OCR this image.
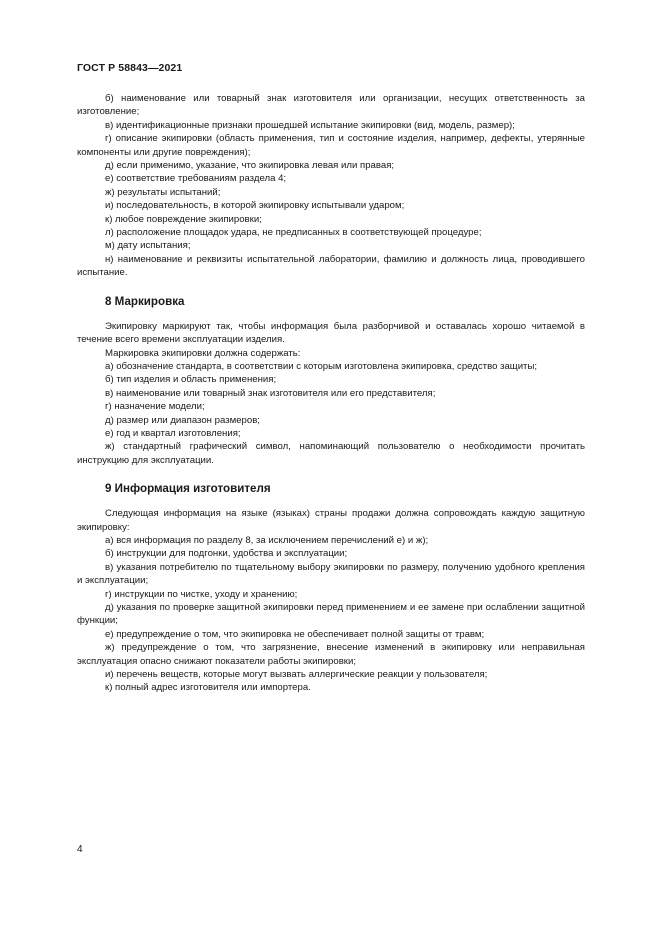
ГОСТ Р 58843—2021

б) наименование или товарный знак изготовителя или организации, несущих ответственность за изготовление;

в) идентификационные признаки прошедшей испытание экипировки (вид, модель, размер);

г) описание экипировки (область применения, тип и состояние изделия, например, дефекты, утерянные компоненты или другие повреждения);

д) если применимо, указание, что экипировка левая или правая;

е) соответствие требованиям раздела 4;

ж) результаты испытаний;

и) последовательность, в которой экипировку испытывали ударом;

к) любое повреждение экипировки;

л) расположение площадок удара, не предписанных в соответствующей процедуре;

м) дату испытания;

н) наименование и реквизиты испытательной лаборатории, фамилию и должность лица, проводившего испытание.

8 Маркировка

Экипировку маркируют так, чтобы информация была разборчивой и оставалась хорошо читаемой в течение всего времени эксплуатации изделия.

Маркировка экипировки должна содержать:

а) обозначение стандарта, в соответствии с которым изготовлена экипировка, средство защиты;

б) тип изделия и область применения;

в) наименование или товарный знак изготовителя или его представителя;

г) назначение модели;

д) размер или диапазон размеров;

е) год и квартал изготовления;

ж) стандартный графический символ, напоминающий пользователю о необходимости прочитать инструкцию для эксплуатации.

9 Информация изготовителя

Следующая информация на языке (языках) страны продажи должна сопровождать каждую защитную экипировку:

а) вся информация по разделу 8, за исключением перечислений е) и ж);

б) инструкции для подгонки, удобства и эксплуатации;

в) указания потребителю по тщательному выбору экипировки по размеру, получению удобного крепления и эксплуатации;

г) инструкции по чистке, уходу и хранению;

д) указания по проверке защитной экипировки перед применением и ее замене при ослаблении защитной функции;

е) предупреждение о том, что экипировка не обеспечивает полной защиты от травм;

ж) предупреждение о том, что загрязнение, внесение изменений в экипировку или неправильная эксплуатация опасно снижают показатели работы экипировки;

и) перечень веществ, которые могут вызвать аллергические реакции у пользователя;

к) полный адрес изготовителя или импортера.

4
